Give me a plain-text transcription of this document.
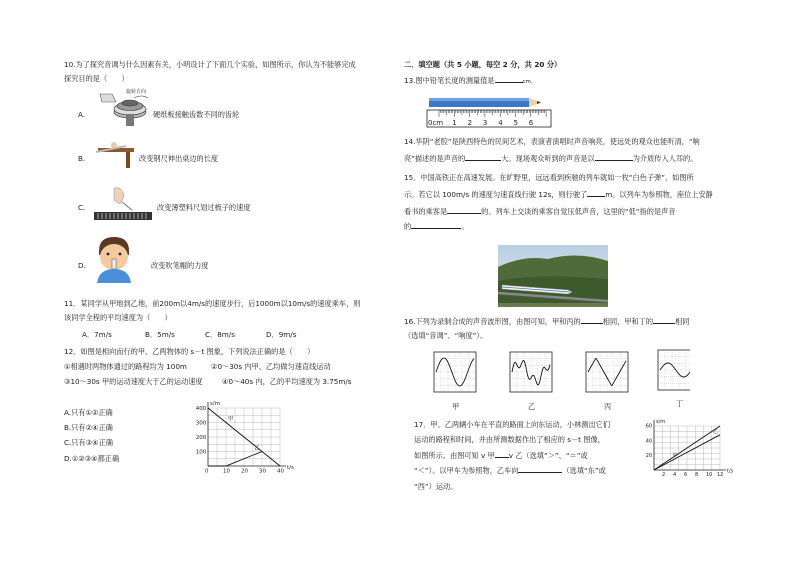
10.为了探究音调与什么因素有关，小明设计了下面几个实验，如图所示，你认为不能够完成
探究目的是（　　）
旋转方向
A.	硬纸板接触齿数不同的齿轮
B.	改变钢尺伸出桌边的长度
C.	改变薄塑料尺划过梳子的速度
D.	改变吹笔帽的力度
11．某同学从甲地到乙地，前200m以4m/s的速度步行，后1000m以10m/s的速度乘车，则
该同学全程的平均速度为（　　）
A．7m/s	B．5m/s	C．8m/s	D．9m/s
12．如图是相向而行的甲、乙两物体的 s－t 图象，下列说法正确的是（　　）
①相遇时两物体通过的路程均为 100m	②0～30s 内甲、乙均做匀速直线运动
③10～30s 甲的运动速度大于乙的运动速度	④0～40s 内，乙的平均速度为 3.75m/s
A.只有①②正确
B.只有②④正确
C.只有③④正确
D.①②③④都正确
0	10 20 30 40
100
200
300
400
t/s
s/m
甲
乙
二．填空题（共 5 小题，每空 2 分，共 20 分）
13.图中铅笔长度的测量值是	cm。
0cm 1 2 3 4 5 6
14.华阴“老腔”是陕西特色的民间艺术，表演者演唱时声音响亮，使远处的观众也能听清，“响
亮”描述的是声音的	大。现场观众听到的声音是以	为介质传入人耳的。
15．中国高铁正在高速发展。在旷野里，远远看到疾驰的列车就如一枚“白色子弹”，如图所
示。若它以 100m/s 的速度匀速直线行驶 12s，则行驶了	m。以列车为参照物，座位上安静
看书的乘客是	的。列车上交谈的乘客自觉压低声音，这里的“低”指的是声音
的	。
16.下列为录制合成的声音波形图，由图可知，甲和丙的	相同，甲和丁的	相同
（选填“音调”、“响度”）。
甲	乙	丙	丁
17．甲、乙两辆小车在平直的路面上向东运动，小林测出它们
运动的路程和时间，并由所测数据作出了相应的 s－t 图像，
如图所示。由图可知 v 甲 v 乙（选填“＞”、“＝”或
“＜”）。以甲车为参照物，乙车向	（选填“东”或
“西”）运动。
2 4 6 8 10 12
20
40
60
t/s
s/m
甲
乙
